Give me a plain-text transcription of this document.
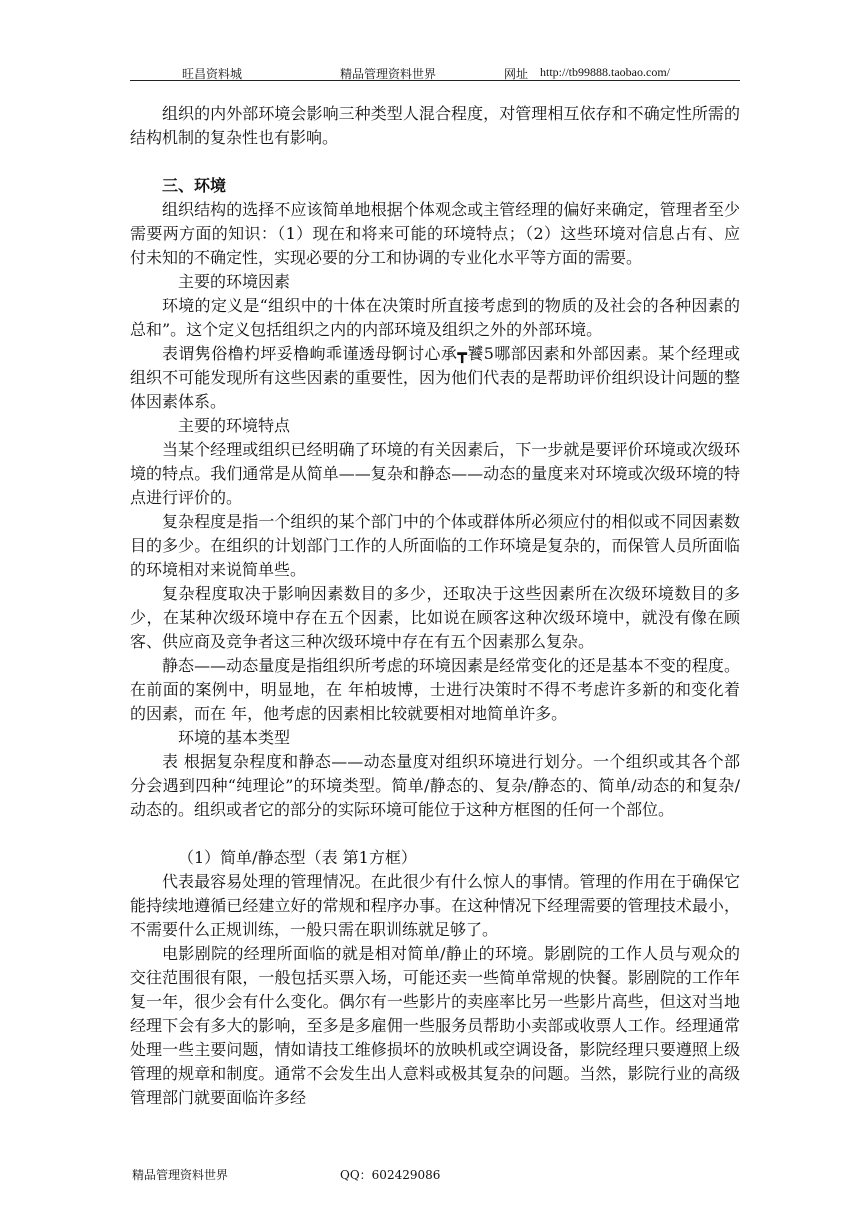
旺昌资料城	精品管理资料世界	网址 http://tb99888.taobao.com/

组织的内外部环境会影响三种类型人混合程度，对管理相互依存和不确定性所需的结构机制的复杂性也有影响。

三、环境

组织结构的选择不应该简单地根据个体观念或主管经理的偏好来确定，管理者至少需要两方面的知识：（1）现在和将来可能的环境特点；（2）这些环境对信息占有、应付未知的不确定性，实现必要的分工和协调的专业化水平等方面的需要。

主要的环境因素

环境的定义是“组织中的十体在决策时所直接考虑到的物质的及社会的各种因素的总和”。这个定义包括组织之内的内部环境及组织之外的外部环境。

表谓隽俗橹杓坪妥橹岣乖谨透母锕讨心承┳饕5哪部因素和外部因素。某个经理或组织不可能发现所有这些因素的重要性，因为他们代表的是帮助评价组织设计问题的整体因素体系。

主要的环境特点

当某个经理或组织已经明确了环境的有关因素后，下一步就是要评价环境或次级环境的特点。我们通常是从简单——复杂和静态——动态的量度来对环境或次级环境的特点进行评价的。

复杂程度是指一个组织的某个部门中的个体或群体所必须应付的相似或不同因素数目的多少。在组织的计划部门工作的人所面临的工作环境是复杂的，而保管人员所面临的环境相对来说简单些。

复杂程度取决于影响因素数目的多少，还取决于这些因素所在次级环境数目的多少，在某种次级环境中存在五个因素，比如说在顾客这种次级环境中，就没有像在顾客、供应商及竞争者这三种次级环境中存在有五个因素那么复杂。

静态——动态量度是指组织所考虑的环境因素是经常变化的还是基本不变的程度。在前面的案例中，明显地，在 年柏坡博，士进行决策时不得不考虑许多新的和变化着的因素，而在 年，他考虑的因素相比较就要相对地简单许多。

环境的基本类型

表 根据复杂程度和静态——动态量度对组织环境进行划分。一个组织或其各个部分会遇到四种“纯理论”的环境类型。简单/静态的、复杂/静态的、简单/动态的和复杂/动态的。组织或者它的部分的实际环境可能位于这种方框图的任何一个部位。

（1）简单/静态型（表 第1方框）

代表最容易处理的管理情况。在此很少有什么惊人的事情。管理的作用在于确保它能持续地遵循已经建立好的常规和程序办事。在这种情况下经理需要的管理技术最小，不需要什么正规训练，一般只需在职训练就足够了。

电影剧院的经理所面临的就是相对简单/静止的环境。影剧院的工作人员与观众的交往范围很有限，一般包括买票入场，可能还卖一些简单常规的快餐。影剧院的工作年复一年，很少会有什么变化。偶尔有一些影片的卖座率比另一些影片高些，但这对当地经理下会有多大的影响，至多是多雇佣一些服务员帮助小卖部或收票人工作。经理通常处理一些主要问题，情如请技工维修损坏的放映机或空调设备，影院经理只要遵照上级管理的规章和制度。通常不会发生出人意料或极其复杂的问题。当然，影院行业的高级管理部门就要面临许多经

精品管理资料世界	QQ：602429086
